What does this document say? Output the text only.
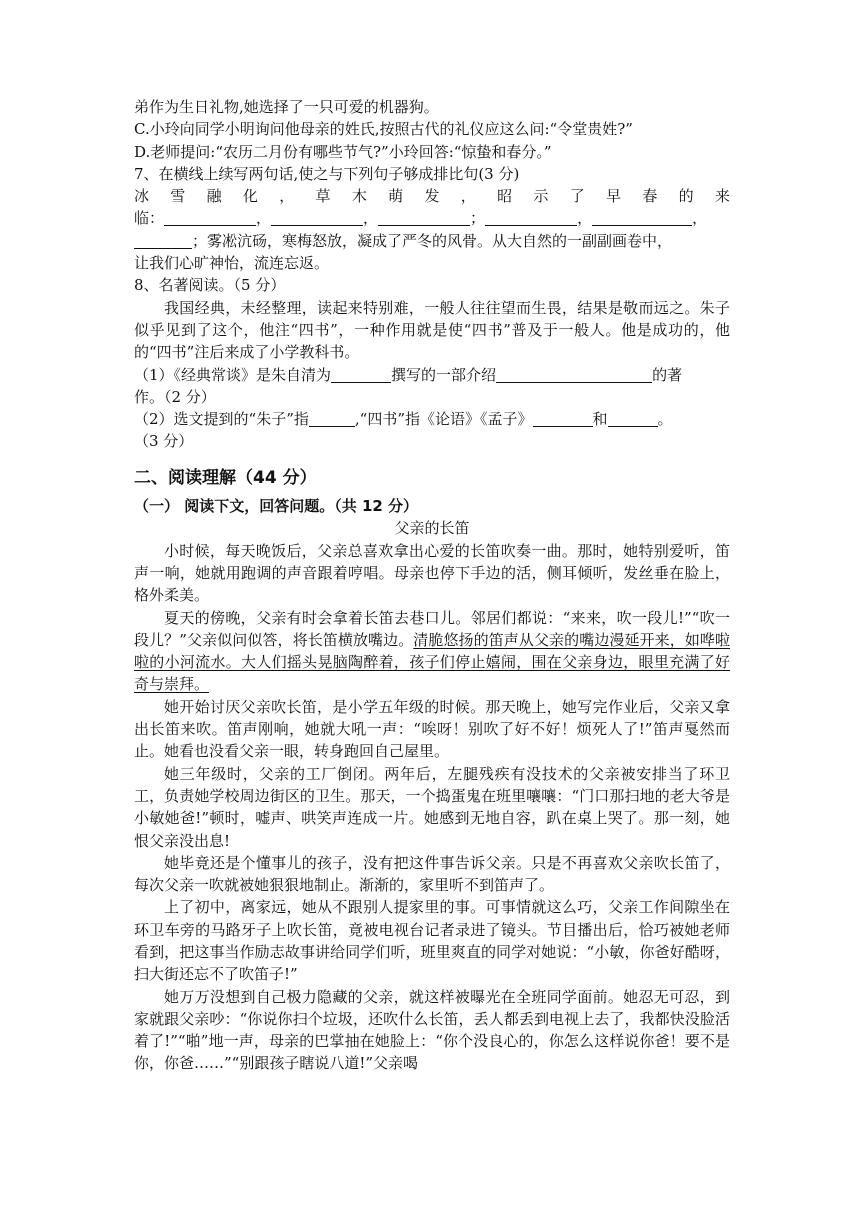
弟作为生日礼物,她选择了一只可爱的机器狗。
C.小玲向同学小明询问他母亲的姓氏,按照古代的礼仪应这么问:“令堂贵姓?”
D.老师提问:“农历二月份有哪些节气?”小玲回答:“惊蛰和春分。”
7、在横线上续写两句话,使之与下列句子够成排比句(3 分)
冰 雪 融 化 ， 草 木 萌 发 ， 昭 示 了 早 春 的 来
临：	，	，	；	，	，
；雾凇沆砀，寒梅怒放，凝成了严冬的风骨。从大自然的一副副画卷中，
让我们心旷神怡，流连忘返。
8、名著阅读。（5 分）
我国经典，未经整理，读起来特别难，一般人往往望而生畏，结果是敬而远之。朱子似乎见到了这个，他注“四书”，一种作用就是使“四书”普及于一般人。他是成功的，他的“四书”注后来成了小学教科书。
（1）《经典常谈》是朱自清为	撰写的一部介绍	的著
作。（2 分）
（2）选文提到的“朱子”指	,“四书”指《论语》《孟子》	和	。
（3 分）
二、阅读理解（44 分）
（一） 阅读下文，回答问题。（共 12 分）
父亲的长笛
小时候，每天晚饭后，父亲总喜欢拿出心爱的长笛吹奏一曲。那时，她特别爱听，笛声一响，她就用跑调的声音跟着哼唱。母亲也停下手边的活，侧耳倾听，发丝垂在脸上，格外柔美。
夏天的傍晚，父亲有时会拿着长笛去巷口儿。邻居们都说：“来来，吹一段儿!”“吹一段儿？”父亲似问似答，将长笛横放嘴边。清脆悠扬的笛声从父亲的嘴边漫延开来，如哗啦啦的小河流水。大人们摇头晃脑陶醉着，孩子们停止嬉闹，围在父亲身边，眼里充满了好奇与崇拜。
她开始讨厌父亲吹长笛，是小学五年级的时候。那天晚上，她写完作业后，父亲又拿出长笛来吹。笛声刚响，她就大吼一声：“唉呀！别吹了好不好！烦死人了!”笛声戛然而止。她看也没看父亲一眼，转身跑回自己屋里。
她三年级时，父亲的工厂倒闭。两年后，左腿残疾有没技术的父亲被安排当了环卫工，负责她学校周边街区的卫生。那天，一个捣蛋鬼在班里嚷嚷：“门口那扫地的老大爷是小敏她爸!”顿时，嘘声、哄笑声连成一片。她感到无地自容，趴在桌上哭了。那一刻，她恨父亲没出息!
她毕竟还是个懂事儿的孩子，没有把这件事告诉父亲。只是不再喜欢父亲吹长笛了，每次父亲一吹就被她狠狠地制止。渐渐的，家里听不到笛声了。
上了初中，离家远，她从不跟别人提家里的事。可事情就这么巧，父亲工作间隙坐在环卫车旁的马路牙子上吹长笛，竟被电视台记者录进了镜头。节目播出后，恰巧被她老师看到，把这事当作励志故事讲给同学们听，班里爽直的同学对她说：“小敏，你爸好酷呀，扫大街还忘不了吹笛子!”
她万万没想到自己极力隐藏的父亲，就这样被曝光在全班同学面前。她忍无可忍，到家就跟父亲吵：“你说你扫个垃圾，还吹什么长笛，丢人都丢到电视上去了，我都快没脸活着了!”“啪”地一声，母亲的巴掌抽在她脸上：“你个没良心的，你怎么这样说你爸！要不是你，你爸……”“别跟孩子瞎说八道!”父亲喝
